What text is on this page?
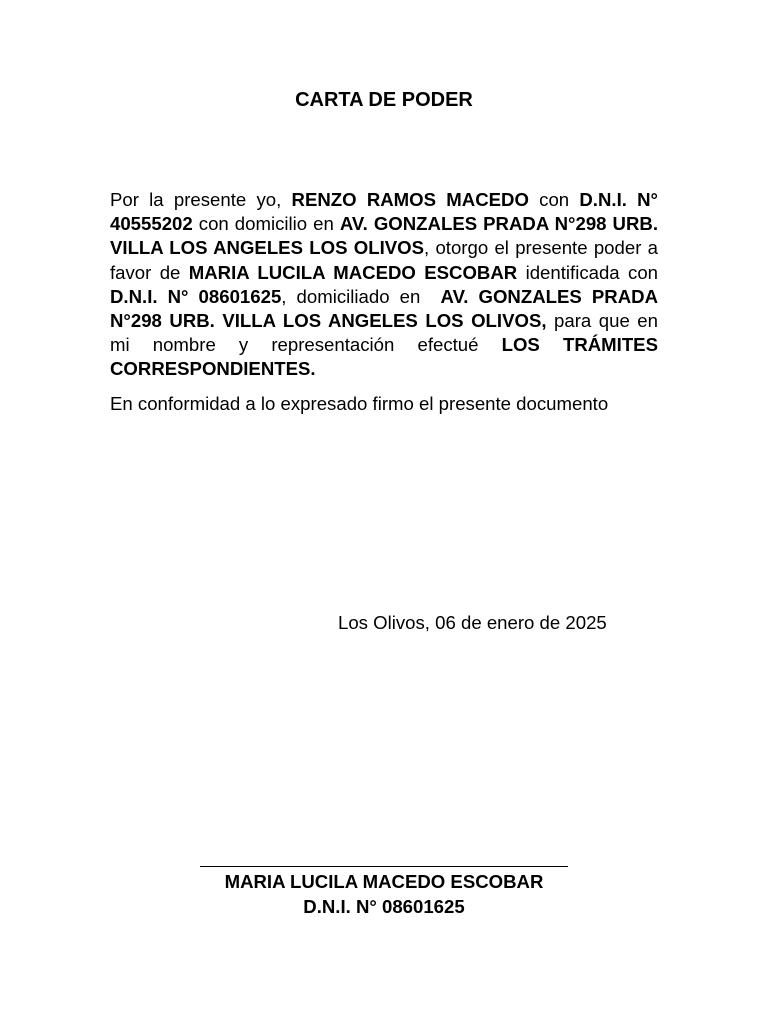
CARTA DE PODER

Por la presente yo, RENZO RAMOS MACEDO con D.N.I. N° 40555202 con domicilio en AV. GONZALES PRADA N°298 URB. VILLA LOS ANGELES LOS OLIVOS, otorgo el presente poder a favor de MARIA LUCILA MACEDO ESCOBAR identificada con D.N.I. N° 08601625, domiciliado en  AV. GONZALES PRADA N°298 URB. VILLA LOS ANGELES LOS OLIVOS, para que en mi nombre y representación efectué LOS TRÁMITES CORRESPONDIENTES.

En conformidad a lo expresado firmo el presente documento

Los Olivos, 06 de enero de 2025
MARIA LUCILA MACEDO ESCOBAR
D.N.I. N° 08601625
